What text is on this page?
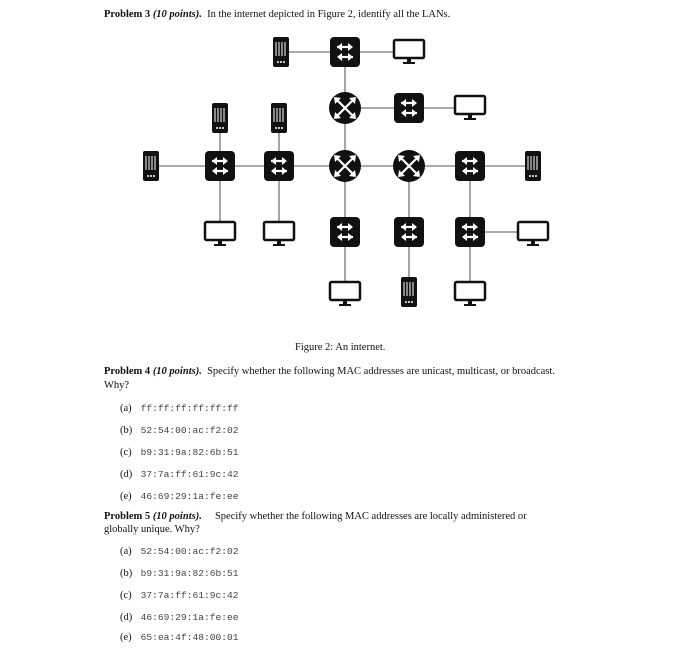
Problem 3 (10 points). In the internet depicted in Figure 2, identify all the LANs.
Figure 2: An internet.
Problem 4 (10 points). Specify whether the following MAC addresses are unicast, multicast, or broadcast.
Why?
(a) ff:ff:ff:ff:ff:ff
(b) 52:54:00:ac:f2:02
(c) b9:31:9a:82:6b:51
(d) 37:7a:ff:61:9c:42
(e) 46:69:29:1a:fe:ee
Problem 5 (10 points). Specify whether the following MAC addresses are locally administered or
globally unique. Why?
(a) 52:54:00:ac:f2:02
(b) b9:31:9a:82:6b:51
(c) 37:7a:ff:61:9c:42
(d) 46:69:29:1a:fe:ee
(e) 65:ea:4f:48:00:01
